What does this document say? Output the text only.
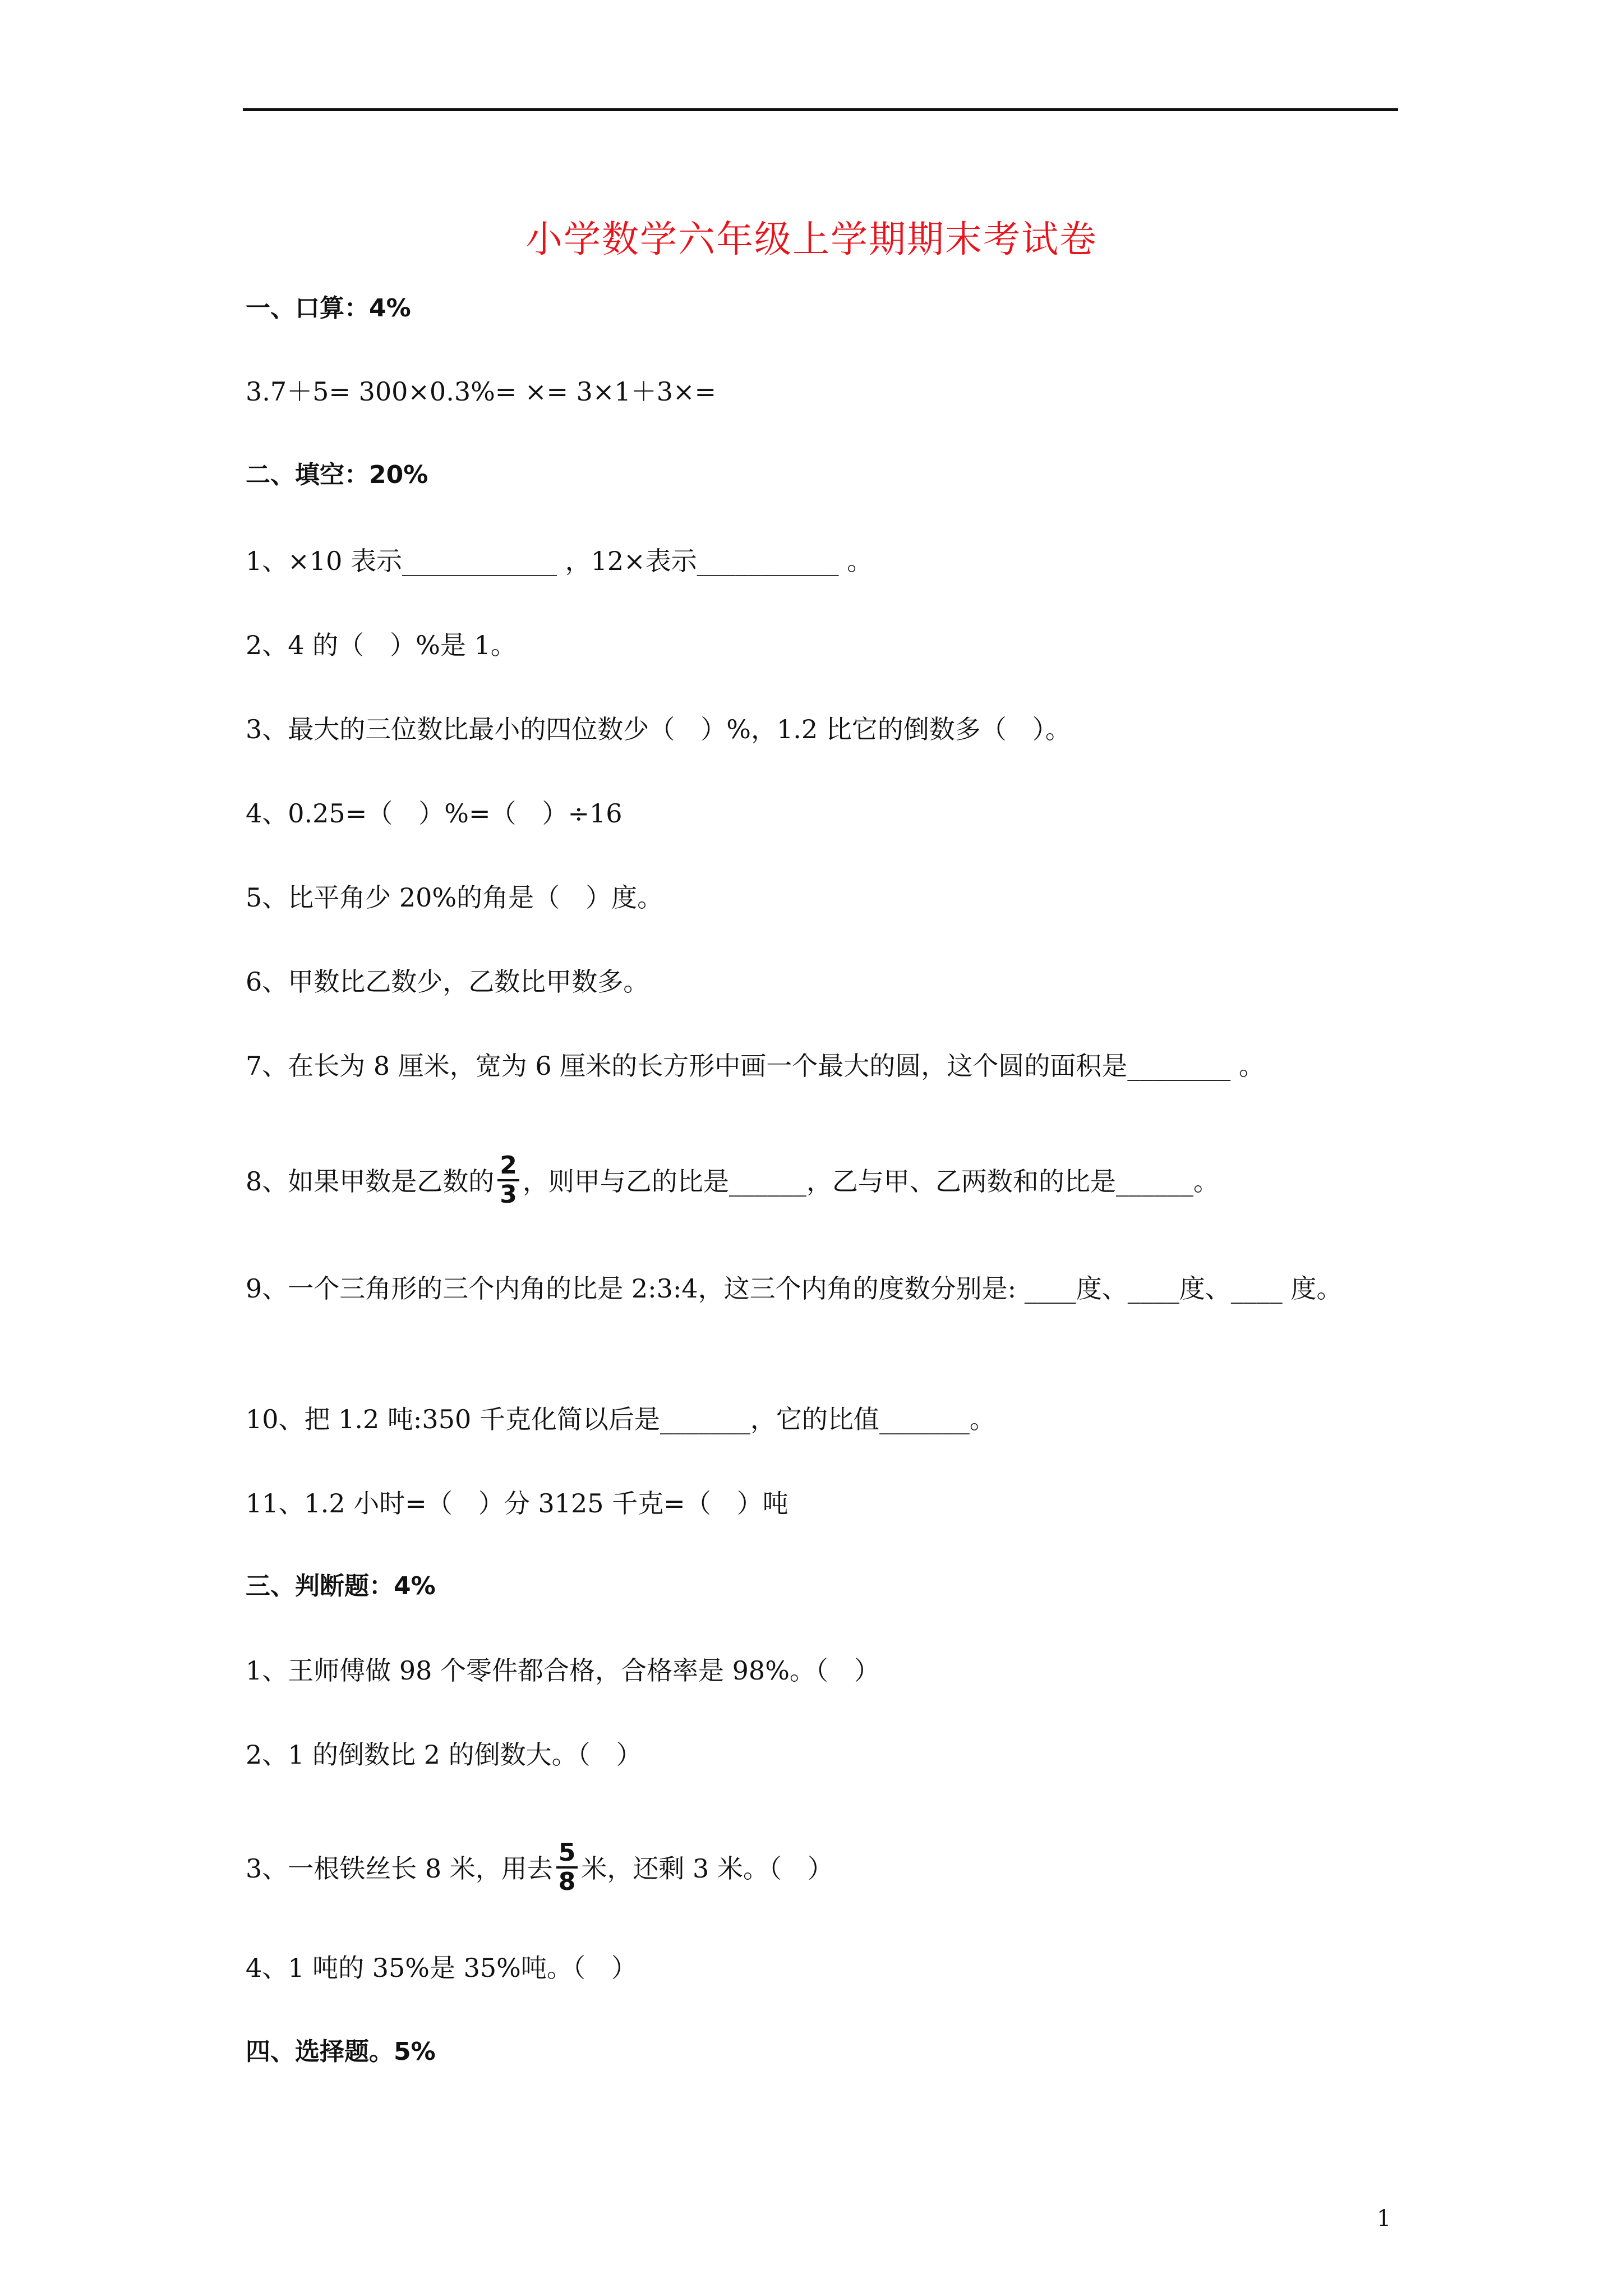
小学数学六年级上学期期末考试卷
一、口算：4%
3.7＋5= 300×0.3%= ×= 3×1＋3×=
二、填空：20%
1、×10 表示____________ ，12×表示___________ 。
2、4 的（　）%是 1。
3、最大的三位数比最小的四位数少（　）%，1.2 比它的倒数多（　）。
4、0.25=（　）%=（　）÷16
5、比平角少 20%的角是（　）度。
6、甲数比乙数少，乙数比甲数多。
7、在长为 8 厘米，宽为 6 厘米的长方形中画一个最大的圆，这个圆的面积是________ 。
8、如果甲数是乙数的 $\frac{2}{3}$ ，则甲与乙的比是______，乙与甲、乙两数和的比是______。
9、一个三角形的三个内角的比是 2:3:4，这三个内角的度数分别是: ____度、____度、____ 度。
10、把 1.2 吨:350 千克化简以后是_______，它的比值_______。
11、1.2 小时=（　）分 3125 千克=（　）吨
三、判断题：4%
1、王师傅做 98 个零件都合格，合格率是 98%。（　）
2、1 的倒数比 2 的倒数大。（　）
3、一根铁丝长 8 米，用去 $\frac{5}{8}$ 米，还剩 3 米。（　）
4、1 吨的 35%是 35%吨。（　）
四、选择题。5%
1
